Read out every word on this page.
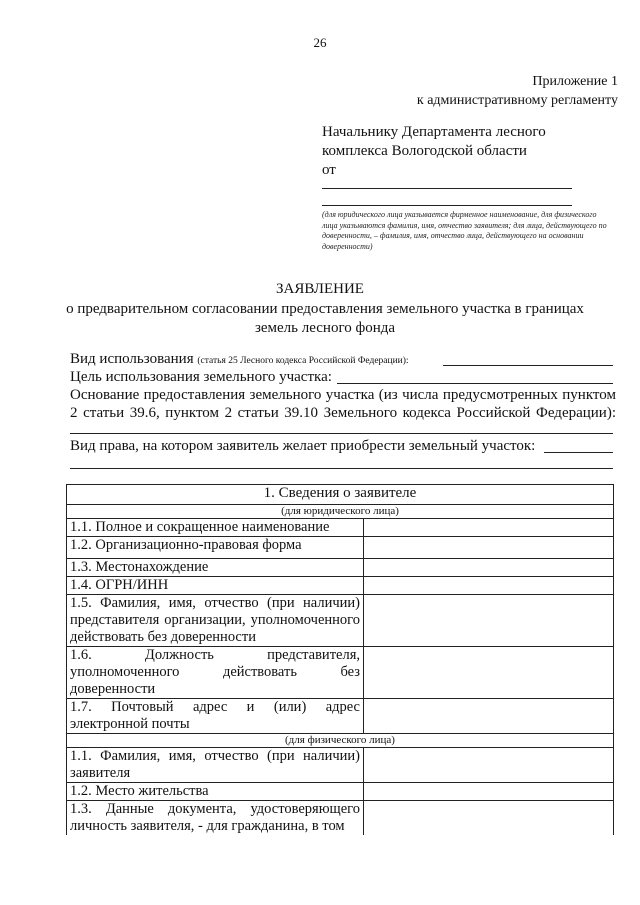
26
Приложение 1
к административному регламенту
Начальнику Департамента лесного
комплекса Вологодской области
от
(для юридического лица указывается фирменное наименование, для физического лица указываются фамилия, имя, отчество заявителя; для лица, действующего по доверенности, – фамилия, имя, отчество лица, действующего на основании доверенности)
ЗАЯВЛЕНИЕ
о предварительном согласовании предоставления земельного участка в границах
земель лесного фонда
Вид использования (статья 25 Лесного кодекса Российской Федерации):
Цель использования земельного участка:
Основание предоставления земельного участка (из числа предусмотренных пунктом
2 статьи 39.6, пунктом 2 статьи 39.10 Земельного кодекса Российской Федерации):
Вид права, на котором заявитель желает приобрести земельный участок:
1. Сведения о заявителе	
(для юридического лица)	
1.1. Полное и сокращенное наименование	
1.2. Организационно-правовая форма	
1.3. Местонахождение	
1.4. ОГРН/ИНН	
1.5. Фамилия, имя, отчество (при наличии) представителя организации, уполномоченного действовать без доверенности	
1.6. Должность представителя, уполномоченного действовать без доверенности	
1.7. Почтовый адрес и (или) адрес электронной почты	
(для физического лица)	
1.1. Фамилия, имя, отчество (при наличии) заявителя	
1.2. Место жительства	
1.3. Данные документа, удостоверяющего личность заявителя, - для гражданина, в том	
